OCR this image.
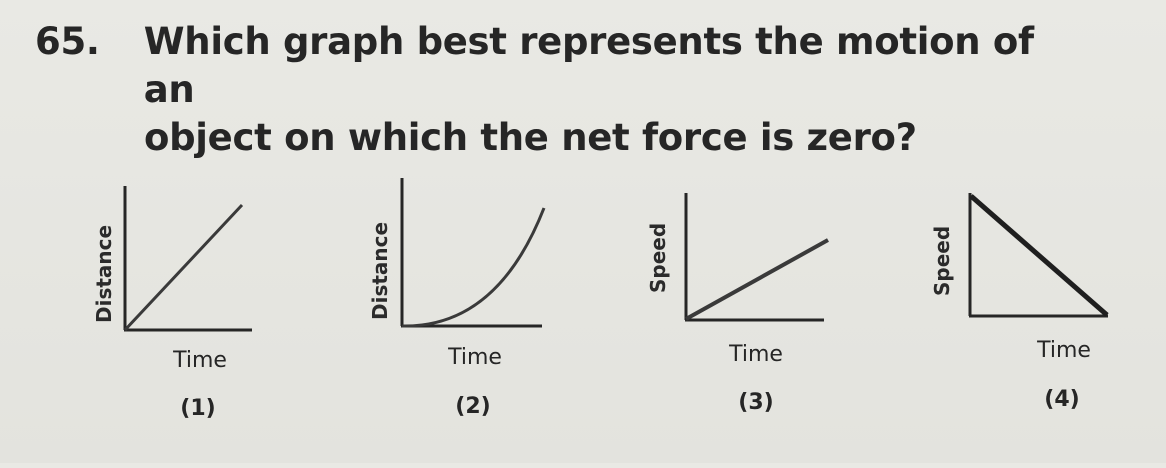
65.	Which graph best represents the motion of an
object on which the net force is zero?
Distance
Time
(1)
Distance
Time
(2)
Speed
Time
(3)
Speed
Time
(4)
